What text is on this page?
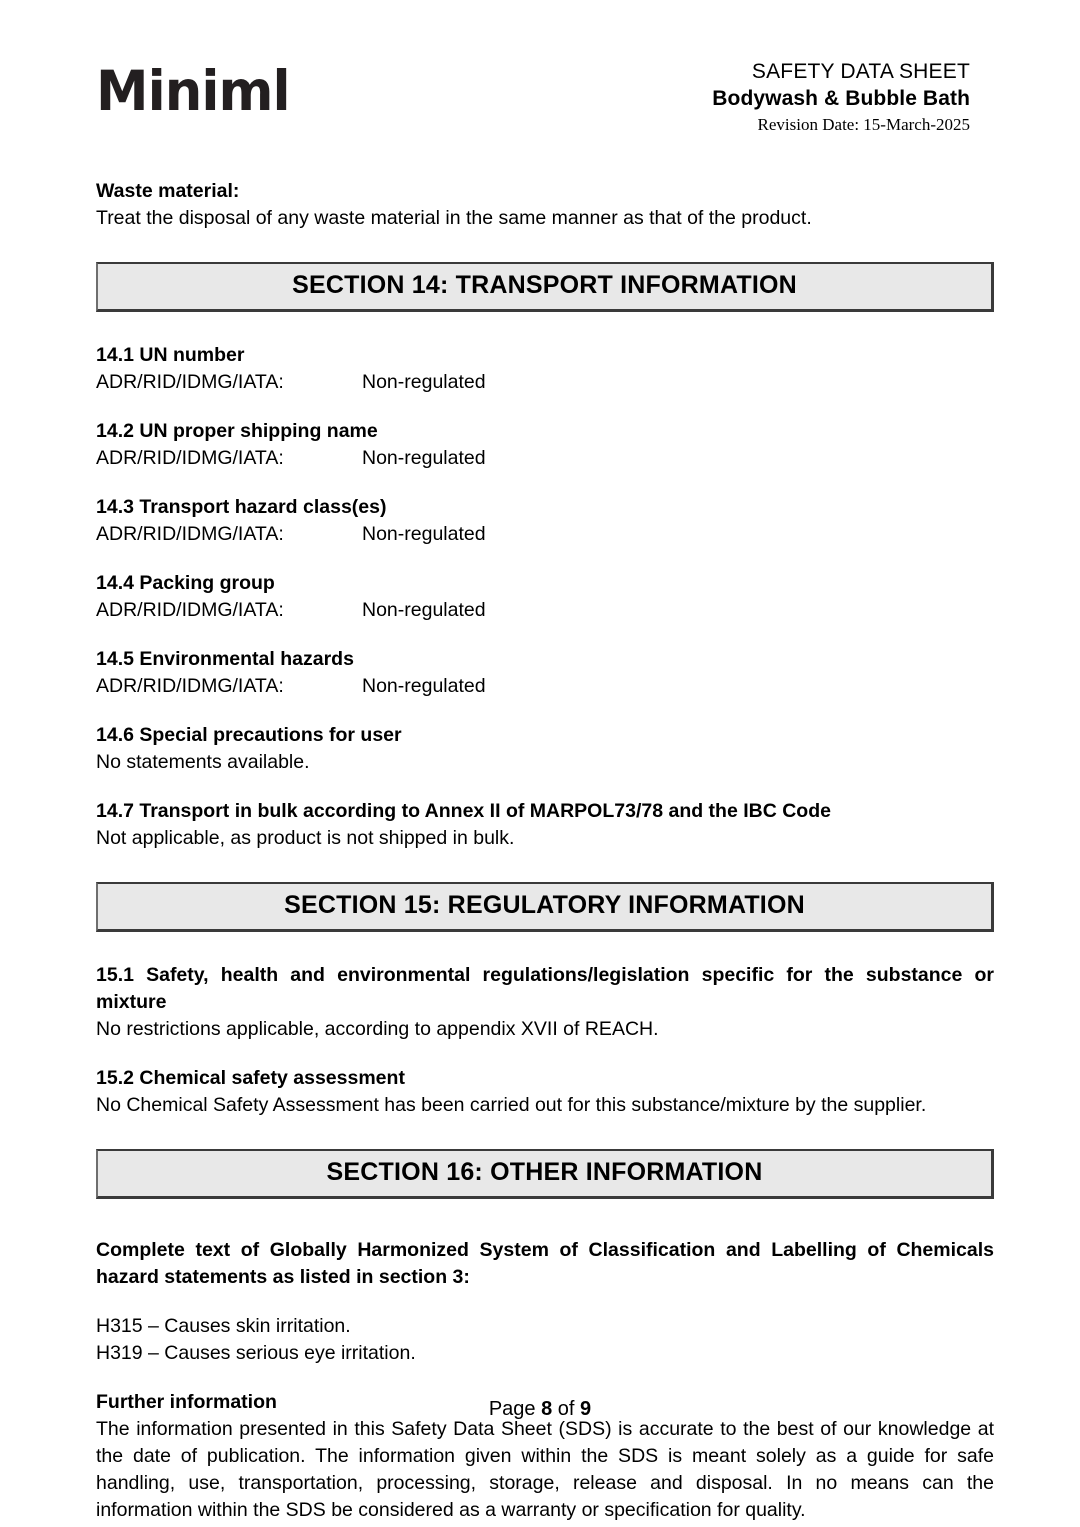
Miniml	SAFETY DATA SHEET
Bodywash & Bubble Bath
Revision Date: 15-March-2025

Waste material:

Treat the disposal of any waste material in the same manner as that of the product.

SECTION 14: TRANSPORT INFORMATION

14.1 UN number

ADR/RID/IDMG/IATA:	Non-regulated

14.2 UN proper shipping name

ADR/RID/IDMG/IATA:	Non-regulated

14.3 Transport hazard class(es)

ADR/RID/IDMG/IATA:	Non-regulated

14.4 Packing group

ADR/RID/IDMG/IATA:	Non-regulated

14.5 Environmental hazards

ADR/RID/IDMG/IATA:	Non-regulated

14.6 Special precautions for user

No statements available.

14.7 Transport in bulk according to Annex II of MARPOL73/78 and the IBC Code

Not applicable, as product is not shipped in bulk.

SECTION 15: REGULATORY INFORMATION

15.1 Safety, health and environmental regulations/legislation specific for the substance or mixture

No restrictions applicable, according to appendix XVII of REACH.

15.2 Chemical safety assessment

No Chemical Safety Assessment has been carried out for this substance/mixture by the supplier.

SECTION 16: OTHER INFORMATION

Complete text of Globally Harmonized System of Classification and Labelling of Chemicals hazard statements as listed in section 3:

H315 – Causes skin irritation.

H319 – Causes serious eye irritation.

Further information

The information presented in this Safety Data Sheet (SDS) is accurate to the best of our knowledge at the date of publication. The information given within the SDS is meant solely as a guide for safe handling, use, transportation, processing, storage, release and disposal. In no means can the information within the SDS be considered as a warranty or specification for quality.

Page 8 of 9
